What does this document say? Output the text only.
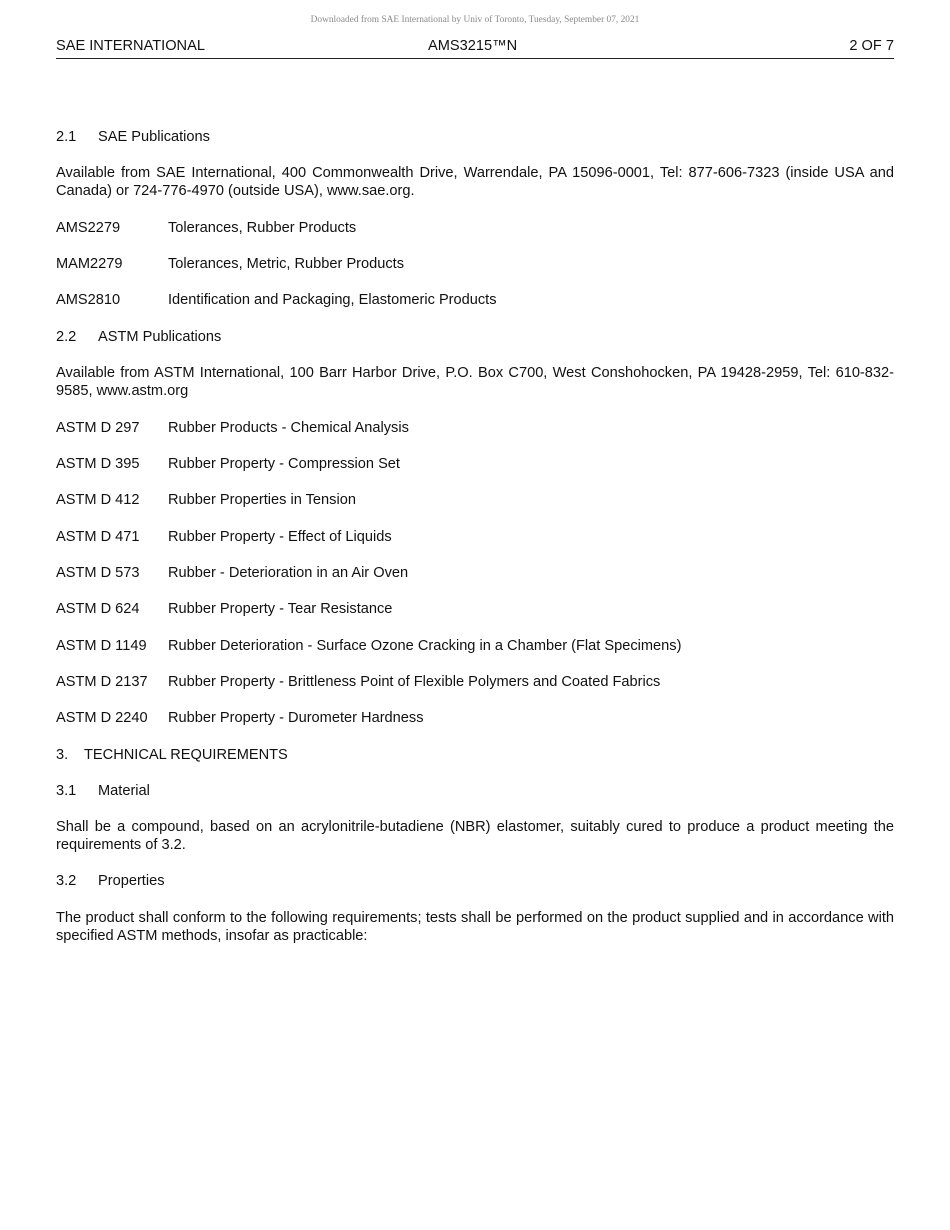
Downloaded from SAE International by Univ of Toronto, Tuesday, September 07, 2021
SAE INTERNATIONAL	AMS3215™N	2 OF 7
2.1 SAE Publications
Available from SAE International, 400 Commonwealth Drive, Warrendale, PA 15096-0001, Tel: 877-606-7323 (inside USA and Canada) or 724-776-4970 (outside USA), www.sae.org.
AMS2279	Tolerances, Rubber Products
MAM2279	Tolerances, Metric, Rubber Products
AMS2810	Identification and Packaging, Elastomeric Products
2.2 ASTM Publications
Available from ASTM International, 100 Barr Harbor Drive, P.O. Box C700, West Conshohocken, PA 19428-2959, Tel: 610-832-9585, www.astm.org
ASTM D 297 Rubber Products - Chemical Analysis
ASTM D 395 Rubber Property - Compression Set
ASTM D 412 Rubber Properties in Tension
ASTM D 471 Rubber Property - Effect of Liquids
ASTM D 573 Rubber - Deterioration in an Air Oven
ASTM D 624 Rubber Property - Tear Resistance
ASTM D 1149 Rubber Deterioration - Surface Ozone Cracking in a Chamber (Flat Specimens)
ASTM D 2137 Rubber Property - Brittleness Point of Flexible Polymers and Coated Fabrics
ASTM D 2240 Rubber Property - Durometer Hardness
3. TECHNICAL REQUIREMENTS
3.1 Material
Shall be a compound, based on an acrylonitrile-butadiene (NBR) elastomer, suitably cured to produce a product meeting the requirements of 3.2.
3.2 Properties
The product shall conform to the following requirements; tests shall be performed on the product supplied and in accordance with specified ASTM methods, insofar as practicable:
